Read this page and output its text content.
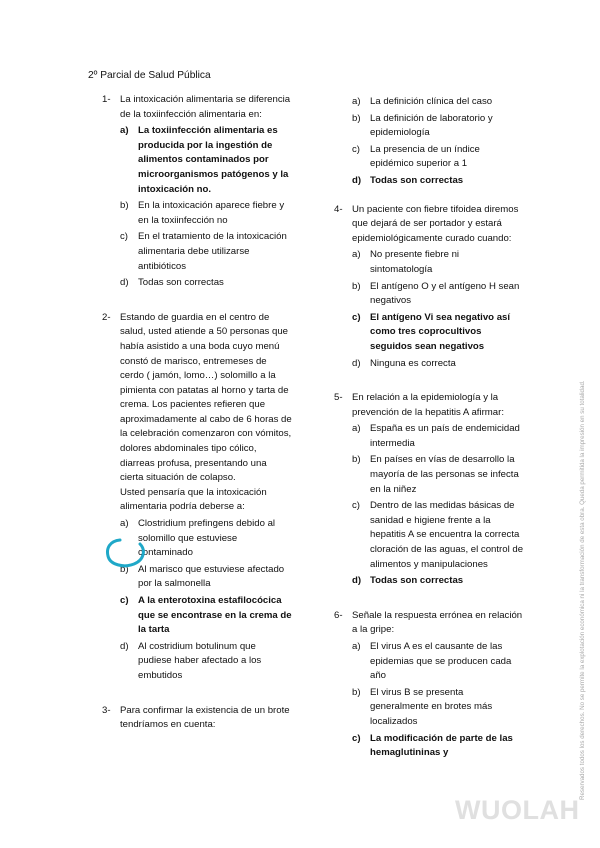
2º Parcial de Salud Pública
1- La intoxicación alimentaria se diferencia de la toxiinfección alimentaria en:

a) La toxiinfección alimentaria es producida por la ingestión de alimentos contaminados por microorganismos patógenos y la intoxicación no.
b) En la intoxicación aparece fiebre y en la toxiinfección no
c) En el tratamiento de la intoxicación alimentaria debe utilizarse antibióticos
d) Todas son correctas
2- Estando de guardia en el centro de salud, usted atiende a 50 personas que había asistido a una boda cuyo menú constó de marisco, entremeses de cerdo ( jamón, lomo…) solomillo a la pimienta con patatas al horno y tarta de crema. Los pacientes refieren que aproximadamente al cabo de 6 horas de la celebración comenzaron con vómitos, dolores abdominales tipo cólico, diarreas profusa, presentando una cierta situación de colapso.

Usted pensaría que la intoxicación alimentaria podría deberse a:

a) Clostridium prefingens debido al solomillo que estuviese contaminado
b) Al marisco que estuviese afectado por la salmonella
c) A la enterotoxina estafilocócica que se encontrase en la crema de la tarta
d) Al costridium botulinum que pudiese haber afectado a los embutidos
3- Para confirmar la existencia de un brote tendríamos en cuenta:

a) La definición clínica del caso
b) La definición de laboratorio y epidemiología
c) La presencia de un índice epidémico superior a 1
d) Todas son correctas
4- Un paciente con fiebre tifoidea diremos que dejará de ser portador y estará epidemiológicamente curado cuando:

a) No presente fiebre ni sintomatología
b) El antígeno O y el antígeno H sean negativos
c) El antígeno Vi sea negativo así como tres coprocultivos seguidos sean negativos
d) Ninguna es correcta
5- En relación a la epidemiología y la prevención de la hepatitis A afirmar:

a) España es un país de endemicidad intermedia
b) En países en vías de desarrollo la mayoría de las personas se infecta en la niñez
c) Dentro de las medidas básicas de sanidad e higiene frente a la hepatitis A se encuentra la correcta cloración de las aguas, el control de alimentos y manipulaciones
d) Todas son correctas
6- Señale la respuesta errónea en relación a la gripe:

a) El virus A es el causante de las epidemias que se producen cada año
b) El virus B se presenta generalmente en brotes más localizados
c) La modificación de parte de las hemaglutininas y	Reservados todos los derechos. No se permite la explotación económica ni la transformación de esta obra. Queda permitida la impresión en su totalidad.
WUOLAH
